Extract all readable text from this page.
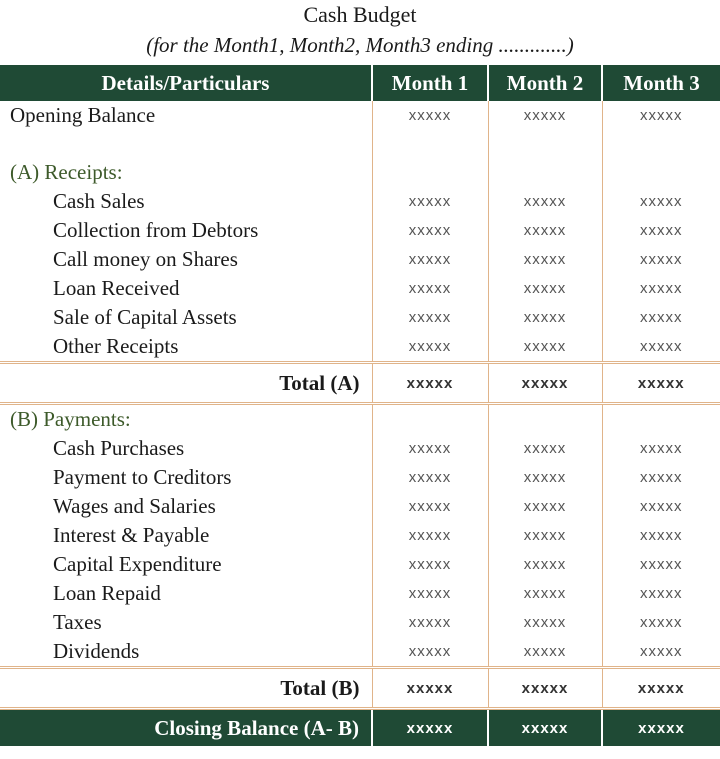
Cash Budget
(for the Month1, Month2, Month3 ending .............)
Details/Particulars	Month 1	Month 2	Month 3
Opening Balance	xxxxx	xxxxx	xxxxx

(A) Receipts:			
Cash Sales	xxxxx	xxxxx	xxxxx
Collection from Debtors	xxxxx	xxxxx	xxxxx
Call money on Shares	xxxxx	xxxxx	xxxxx
Loan Received	xxxxx	xxxxx	xxxxx
Sale of Capital Assets	xxxxx	xxxxx	xxxxx
Other Receipts	xxxxx	xxxxx	xxxxx
Total (A)	xxxxx	xxxxx	xxxxx
(B) Payments:			
Cash Purchases	xxxxx	xxxxx	xxxxx
Payment to Creditors	xxxxx	xxxxx	xxxxx
Wages and Salaries	xxxxx	xxxxx	xxxxx
Interest & Payable	xxxxx	xxxxx	xxxxx
Capital Expenditure	xxxxx	xxxxx	xxxxx
Loan Repaid	xxxxx	xxxxx	xxxxx
Taxes	xxxxx	xxxxx	xxxxx
Dividends	xxxxx	xxxxx	xxxxx
Total (B)	xxxxx	xxxxx	xxxxx
Closing Balance (A- B)	xxxxx	xxxxx	xxxxx
